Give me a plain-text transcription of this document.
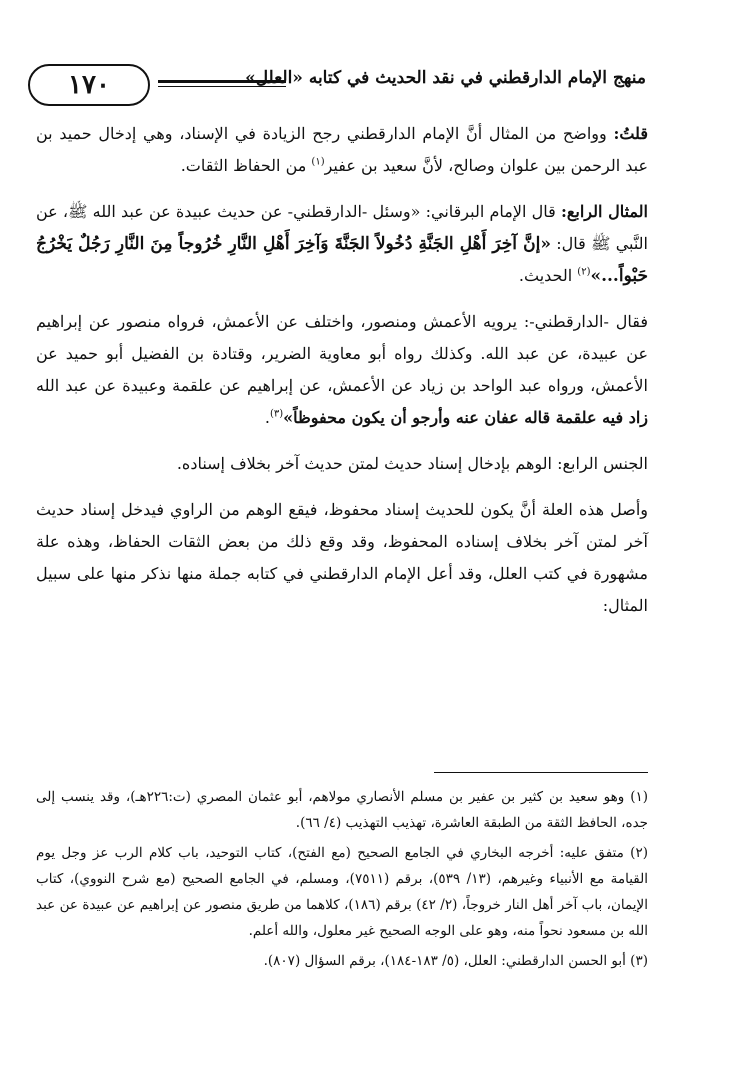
١٧٠	منهج الإمام الدارقطني في نقد الحديث في كتابه «العلل»

قلتُ: وواضح من المثال أنَّ الإمام الدارقطني رجح الزيادة في الإسناد، وهي إدخال حميد بن عبد الرحمن بين علوان وصالح، لأنَّ سعيد بن عفير$^{(١)}$ من الحفاظ الثقات.

المثال الرابع: قال الإمام البرقاني: «وسئل -الدارقطني- عن حديث عبيدة عن عبد الله ﷺ، عن النَّبي ﷺ قال: «إنَّ آخِرَ أَهْلِ الجَنَّةِ دُخُولاً الجَنَّةَ وَآخِرَ أَهْلِ النَّارِ خُرُوجاً مِنَ النَّارِ رَجُلٌ يَخْرُجُ حَبْواً...»$^{(٢)}$ الحديث.

فقال -الدارقطني-: يرويه الأعمش ومنصور، واختلف عن الأعمش، فرواه منصور عن إبراهيم عن عبيدة، عن عبد الله. وكذلك رواه أبو معاوية الضرير، وقتادة بن الفضيل أبو حميد عن الأعمش، ورواه عبد الواحد بن زياد عن الأعمش، عن إبراهيم عن علقمة وعبيدة عن عبد الله زاد فيه علقمة قاله عفان عنه وأرجو أن يكون محفوظاً»$^{(٣)}$.

الجنس الرابع: الوهم بإدخال إسناد حديث لمتن حديث آخر بخلاف إسناده.

وأصل هذه العلة أنَّ يكون للحديث إسناد محفوظ، فيقع الوهم من الراوي فيدخل إسناد حديث آخر لمتن آخر بخلاف إسناده المحفوظ، وقد وقع ذلك من بعض الثقات الحفاظ، وهذه علة مشهورة في كتب العلل، وقد أعل الإمام الدارقطني في كتابه جملة منها نذكر منها على سبيل المثال:

(١) وهو سعيد بن كثير بن عفير بن مسلم الأنصاري مولاهم، أبو عثمان المصري (ت:٢٢٦هـ)، وقد ينسب إلى جده، الحافظ الثقة من الطبقة العاشرة، تهذيب التهذيب (٤/ ٦٦).

(٢) متفق عليه: أخرجه البخاري في الجامع الصحيح (مع الفتح)، كتاب التوحيد، باب كلام الرب عز وجل يوم القيامة مع الأنبياء وغيرهم، (١٣/ ٥٣٩)، برقم (٧٥١١)، ومسلم، في الجامع الصحيح (مع شرح النووي)، كتاب الإيمان، باب آخر أهل النار خروجاً، (٢/ ٤٢) برقم (١٨٦)، كلاهما من طريق منصور عن إبراهيم عن عبيدة عن عبد الله بن مسعود نحواً منه، وهو على الوجه الصحيح غير معلول، والله أعلم.

(٣) أبو الحسن الدارقطني: العلل، (٥/ ١٨٣-١٨٤)، برقم السؤال (٨٠٧).
